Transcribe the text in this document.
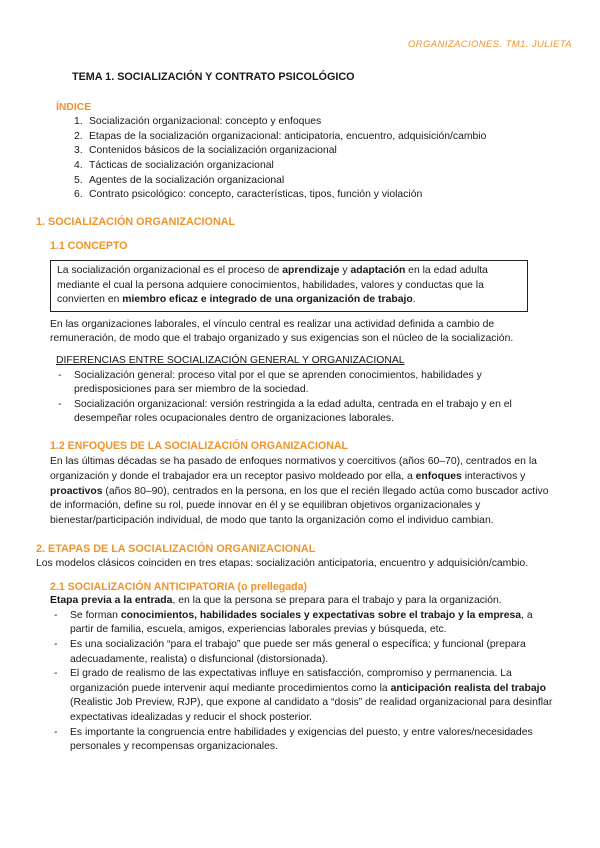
ORGANIZACIONES. TM1. JULIETA
TEMA 1. SOCIALIZACIÓN Y CONTRATO PSICOLÓGICO
ÍNDICE
1. Socialización organizacional: concepto y enfoques
2. Etapas de la socialización organizacional: anticipatoria, encuentro, adquisición/cambio
3. Contenidos básicos de la socialización organizacional
4. Tácticas de socialización organizacional
5. Agentes de la socialización organizacional
6. Contrato psicológico: concepto, características, tipos, función y violación
1. SOCIALIZACIÓN ORGANIZACIONAL
1.1 CONCEPTO
La socialización organizacional es el proceso de aprendizaje y adaptación en la edad adulta mediante el cual la persona adquiere conocimientos, habilidades, valores y conductas que la convierten en miembro eficaz e integrado de una organización de trabajo.
En las organizaciones laborales, el vínculo central es realizar una actividad definida a cambio de remuneración, de modo que el trabajo organizado y sus exigencias son el núcleo de la socialización.
DIFERENCIAS ENTRE SOCIALIZACIÓN GENERAL Y ORGANIZACIONAL
-	Socialización general: proceso vital por el que se aprenden conocimientos, habilidades y predisposiciones para ser miembro de la sociedad.
-	Socialización organizacional: versión restringida a la edad adulta, centrada en el trabajo y en el desempeñar roles ocupacionales dentro de organizaciones laborales.
1.2 ENFOQUES DE LA SOCIALIZACIÓN ORGANIZACIONAL
En las últimas décadas se ha pasado de enfoques normativos y coercitivos (años 60–70), centrados en la organización y donde el trabajador era un receptor pasivo moldeado por ella, a enfoques interactivos y proactivos (años 80–90), centrados en la persona, en los que el recién llegado actúa como buscador activo de información, define su rol, puede innovar en él y se equilibran objetivos organizacionales y bienestar/participación individual, de modo que tanto la organización como el individuo cambian.
2. ETAPAS DE LA SOCIALIZACIÓN ORGANIZACIONAL
Los modelos clásicos coinciden en tres etapas: socialización anticipatoria, encuentro y adquisición/cambio.
2.1 SOCIALIZACIÓN ANTICIPATORIA (o prellegada)
Etapa previa a la entrada, en la que la persona se prepara para el trabajo y para la organización.
-	Se forman conocimientos, habilidades sociales y expectativas sobre el trabajo y la empresa, a partir de familia, escuela, amigos, experiencias laborales previas y búsqueda, etc.
-	Es una socialización “para el trabajo” que puede ser más general o específica; y funcional (prepara adecuadamente, realista) o disfuncional (distorsionada).
-	El grado de realismo de las expectativas influye en satisfacción, compromiso y permanencia. La organización puede intervenir aquí mediante procedimientos como la anticipación realista del trabajo (Realistic Job Preview, RJP), que expone al candidato a “dosis” de realidad organizacional para desinflar expectativas idealizadas y reducir el shock posterior.
-	Es importante la congruencia entre habilidades y exigencias del puesto, y entre valores/necesidades personales y recompensas organizacionales.
